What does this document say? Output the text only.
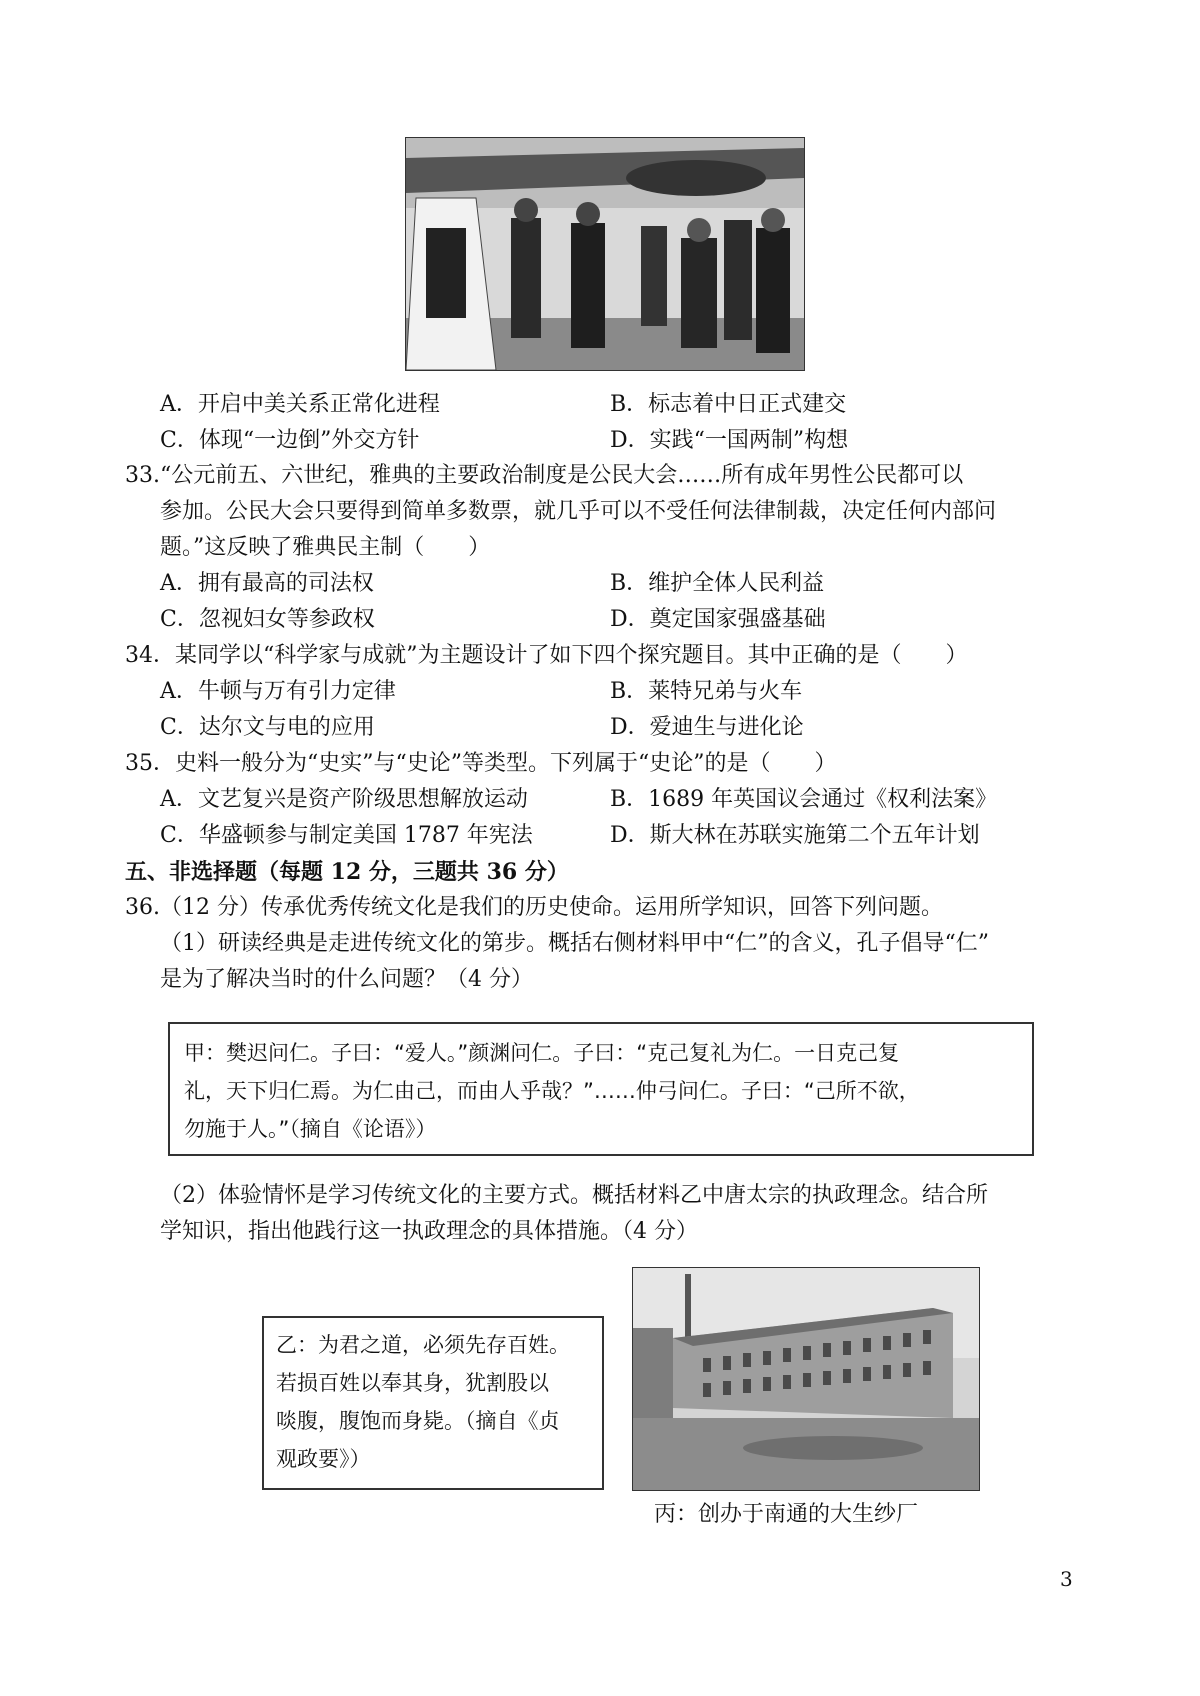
A．开启中美关系正常化进程	B．标志着中日正式建交
C．体现“一边倒”外交方针	D．实践“一国两制”构想
33.“公元前五、六世纪，雅典的主要政治制度是公民大会……所有成年男性公民都可以
参加。公民大会只要得到简单多数票，就几乎可以不受任何法律制裁，决定任何内部问
题。”这反映了雅典民主制（　　）
A．拥有最高的司法权	B．维护全体人民利益
C．忽视妇女等参政权	D．奠定国家强盛基础
34．某同学以“科学家与成就”为主题设计了如下四个探究题目。其中正确的是（　　）
A．牛顿与万有引力定律	B．莱特兄弟与火车
C．达尔文与电的应用	D．爱迪生与进化论
35．史料一般分为“史实”与“史论”等类型。下列属于“史论”的是（　　）
A．文艺复兴是资产阶级思想解放运动	B．1689 年英国议会通过《权利法案》
C．华盛顿参与制定美国 1787 年宪法	D．斯大林在苏联实施第二个五年计划
五、非选择题（每题 12 分，三题共 36 分）
36.（12 分）传承优秀传统文化是我们的历史使命。运用所学知识，回答下列问题。
（1）研读经典是走进传统文化的第步。概括右侧材料甲中“仁”的含义，孔子倡导“仁”
是为了解决当时的什么问题？（4 分）
甲：樊迟问仁。子曰：“爱人。”颜渊问仁。子曰：“克己复礼为仁。一日克己复
礼，天下归仁焉。为仁由己，而由人乎哉？”……仲弓问仁。子曰：“己所不欲，
勿施于人。”（摘自《论语》）
（2）体验情怀是学习传统文化的主要方式。概括材料乙中唐太宗的执政理念。结合所
学知识，指出他践行这一执政理念的具体措施。（4 分）
乙：为君之道，必须先存百姓。
若损百姓以奉其身，犹割股以
啖腹，腹饱而身毙。（摘自《贞
观政要》）
丙：创办于南通的大生纱厂
3
